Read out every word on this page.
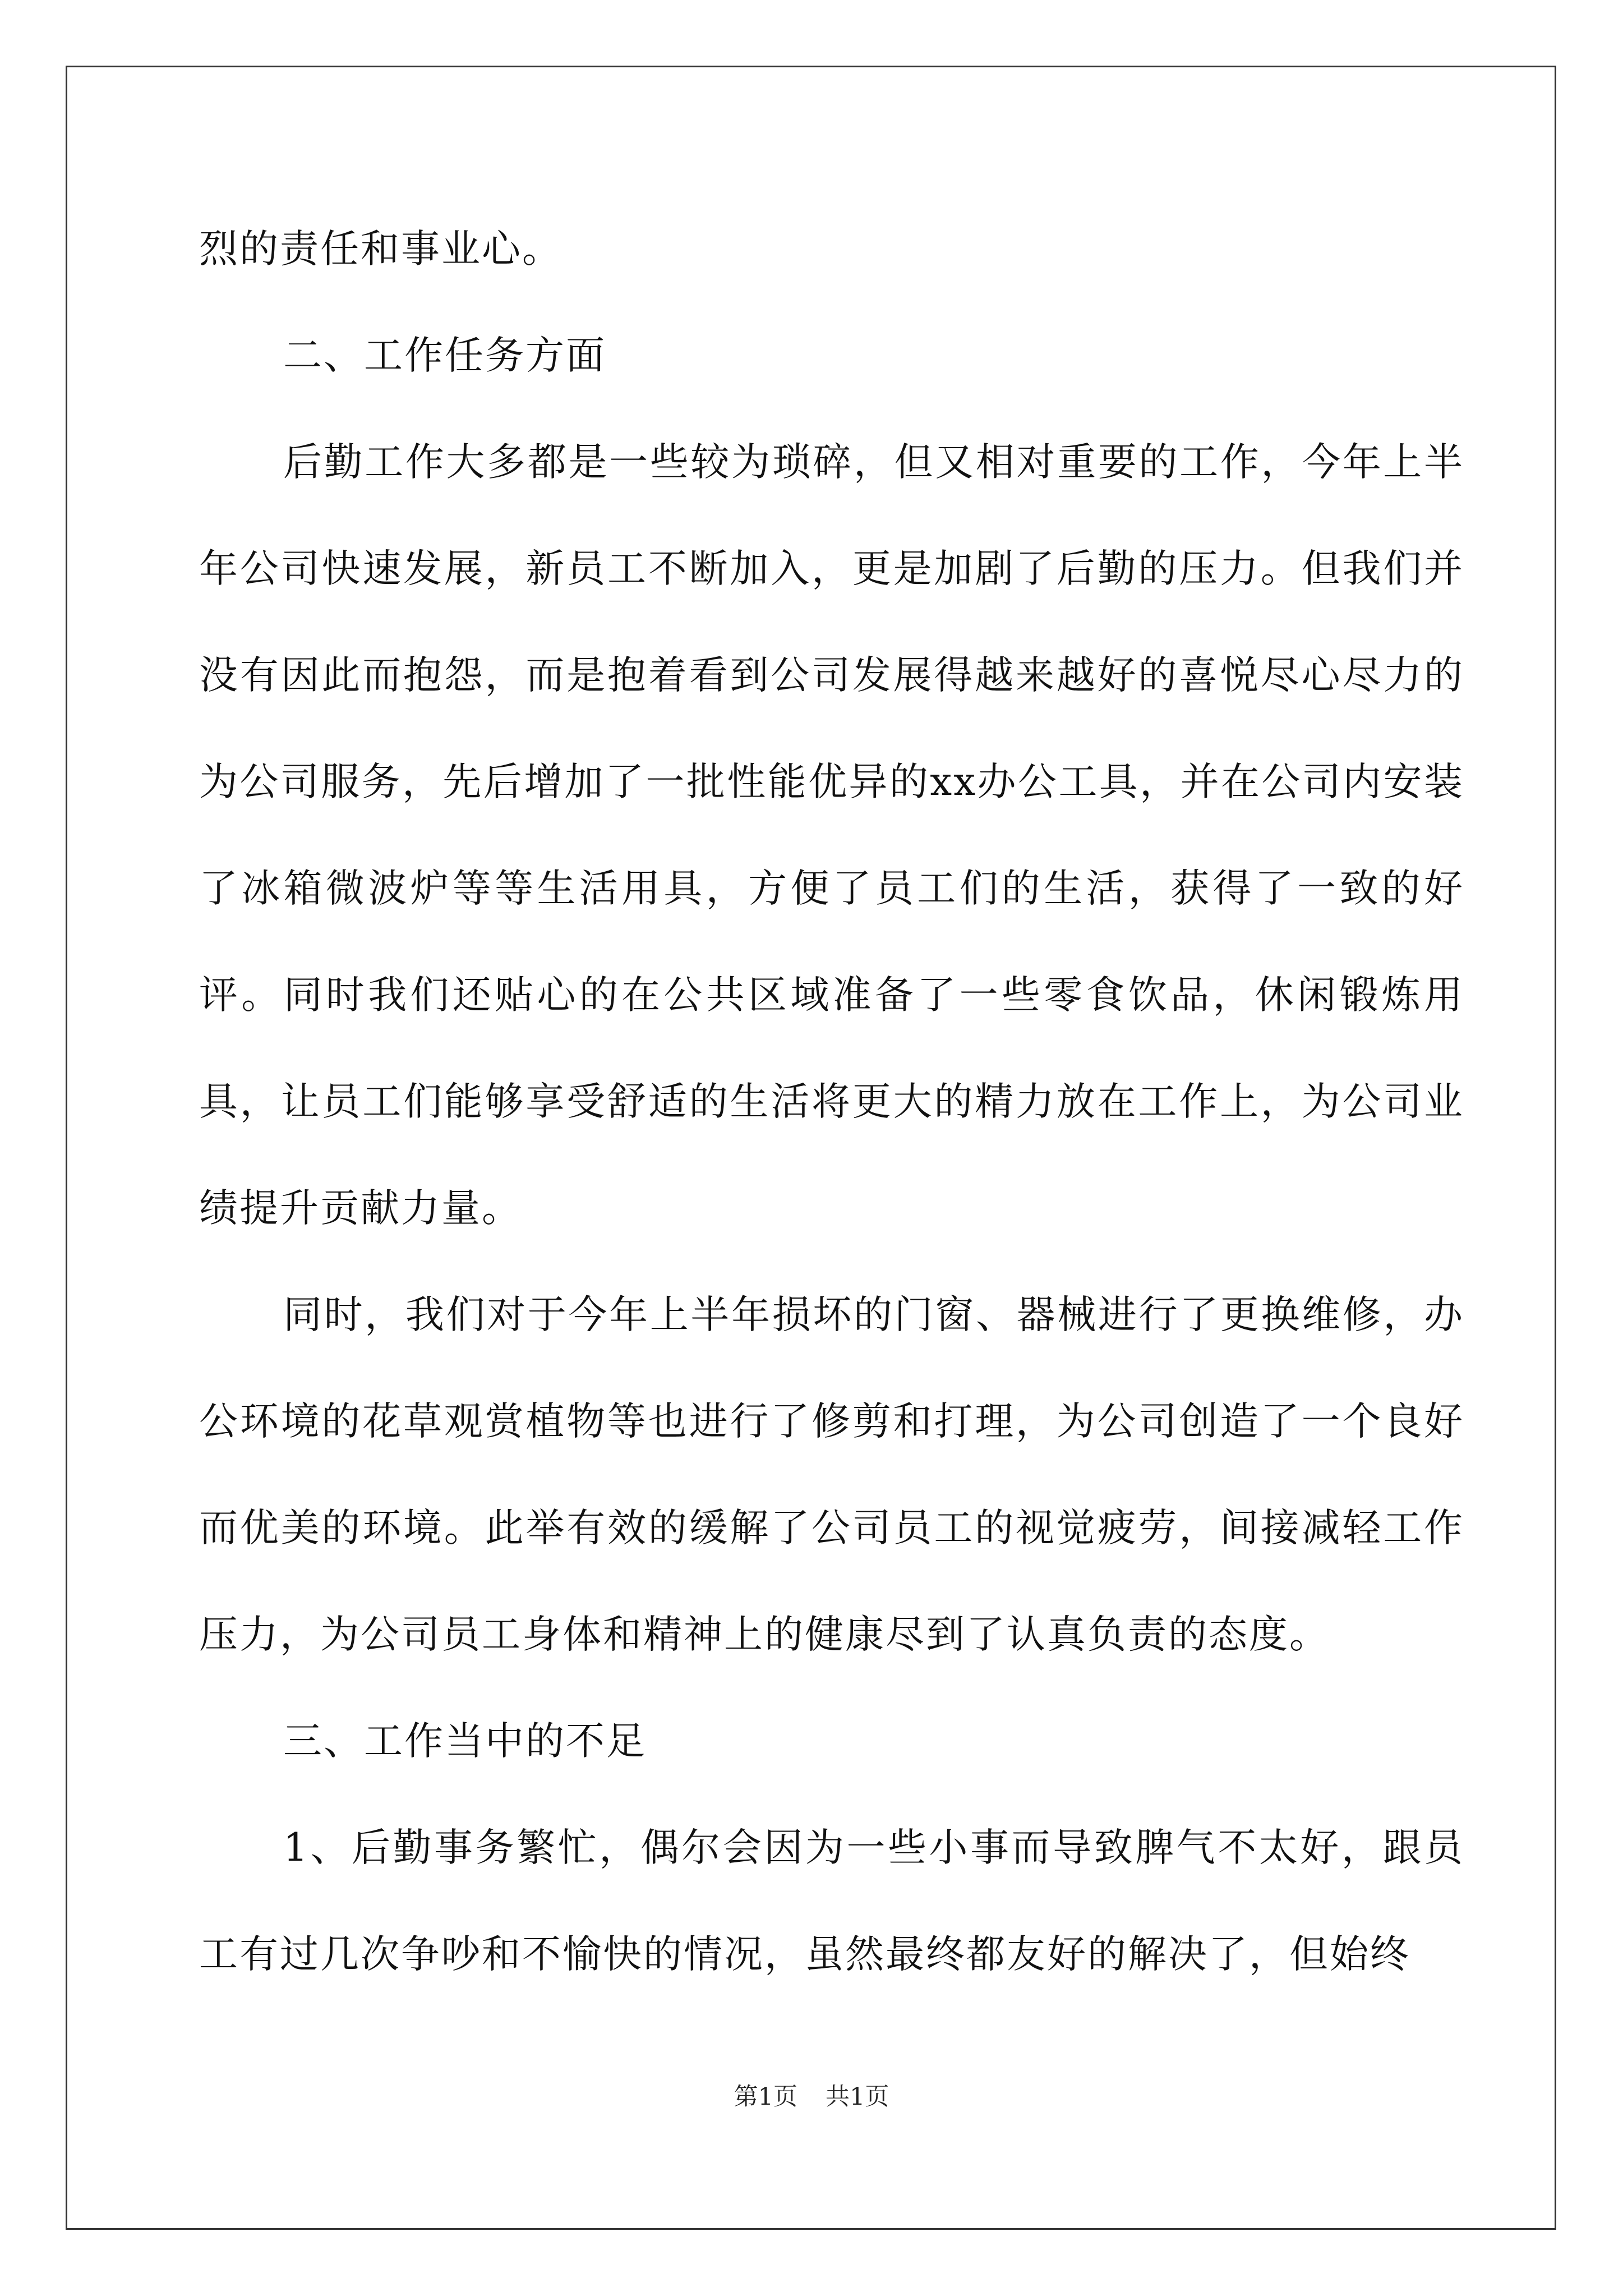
烈的责任和事业心。

二、工作任务方面

后勤工作大多都是一些较为琐碎，但又相对重要的工作，今年上半年公司快速发展，新员工不断加入，更是加剧了后勤的压力。但我们并没有因此而抱怨，而是抱着看到公司发展得越来越好的喜悦尽心尽力的为公司服务，先后增加了一批性能优异的xx办公工具，并在公司内安装了冰箱微波炉等等生活用具，方便了员工们的生活，获得了一致的好评。同时我们还贴心的在公共区域准备了一些零食饮品，休闲锻炼用具，让员工们能够享受舒适的生活将更大的精力放在工作上，为公司业绩提升贡献力量。

同时，我们对于今年上半年损坏的门窗、器械进行了更换维修，办公环境的花草观赏植物等也进行了修剪和打理，为公司创造了一个良好而优美的环境。此举有效的缓解了公司员工的视觉疲劳，间接减轻工作压力，为公司员工身体和精神上的健康尽到了认真负责的态度。

三、工作当中的不足

1、后勤事务繁忙，偶尔会因为一些小事而导致脾气不太好，跟员工有过几次争吵和不愉快的情况，虽然最终都友好的解决了，但始终

第1页 共1页
